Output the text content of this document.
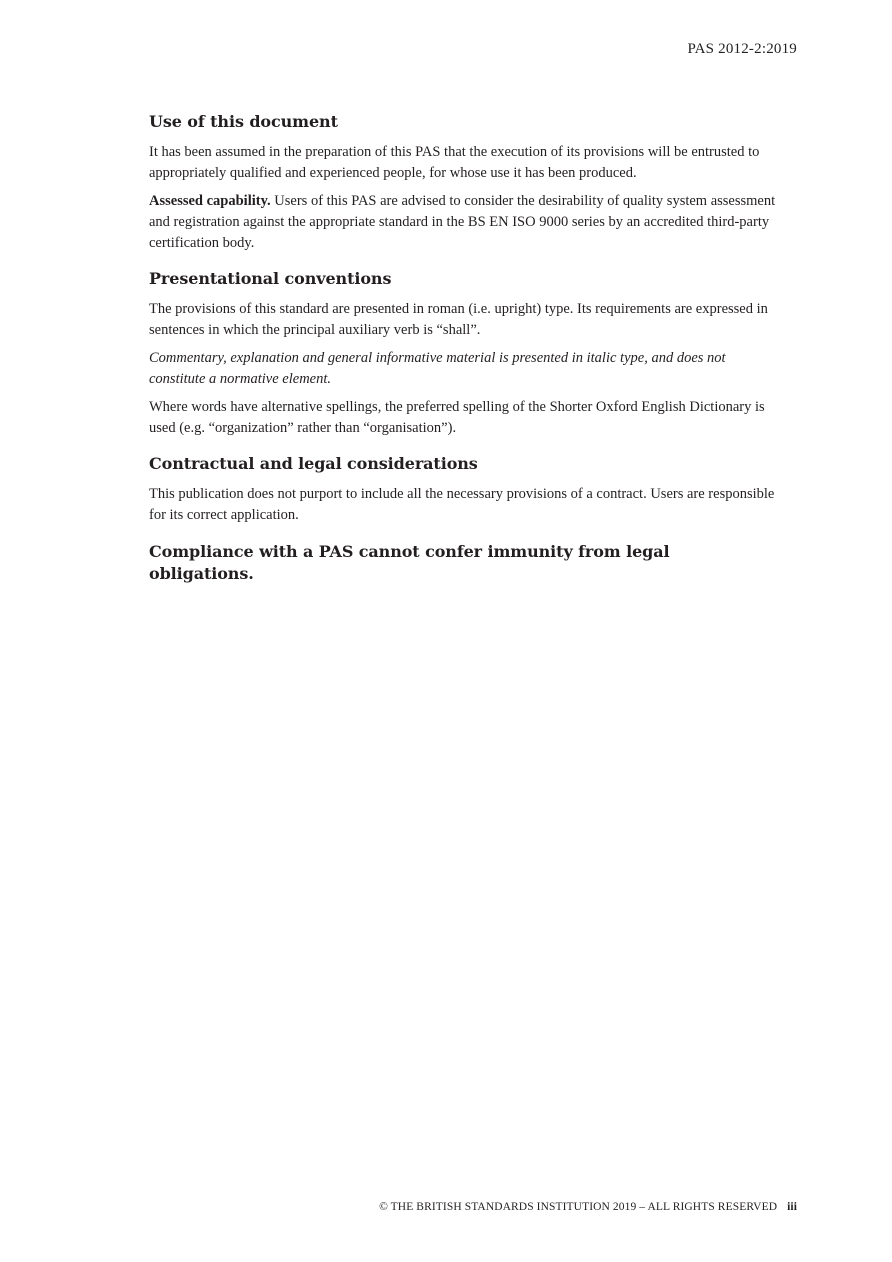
PAS 2012-2:2019
Use of this document

It has been assumed in the preparation of this PAS that the execution of its provisions will be entrusted to appropriately qualified and experienced people, for whose use it has been produced.

Assessed capability. Users of this PAS are advised to consider the desirability of quality system assessment and registration against the appropriate standard in the BS EN ISO 9000 series by an accredited third-party certification body.

Presentational conventions

The provisions of this standard are presented in roman (i.e. upright) type. Its requirements are expressed in sentences in which the principal auxiliary verb is “shall”.

Commentary, explanation and general informative material is presented in italic type, and does not constitute a normative element.

Where words have alternative spellings, the preferred spelling of the Shorter Oxford English Dictionary is used (e.g. “organization” rather than “organisation”).

Contractual and legal considerations

This publication does not purport to include all the necessary provisions of a contract. Users are responsible for its correct application.

Compliance with a PAS cannot confer immunity from legal obligations.
© THE BRITISH STANDARDS INSTITUTION 2019 – ALL RIGHTS RESERVED iii
